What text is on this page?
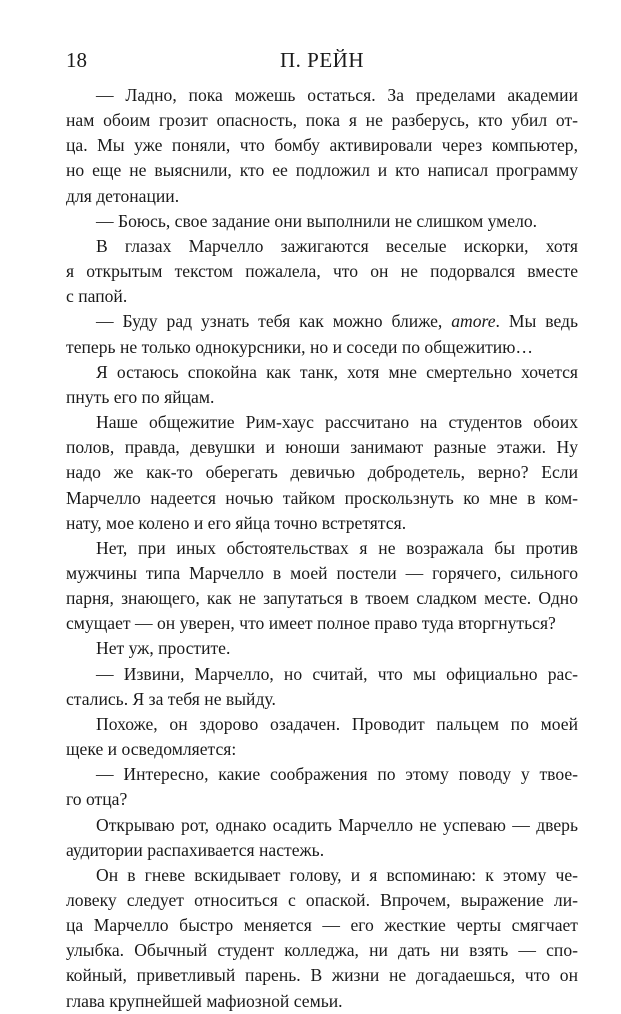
18	П. РЕЙН
— Ладно, пока можешь остаться. За пределами академии
нам обоим грозит опасность, пока я не разберусь, кто убил от-
ца. Мы уже поняли, что бомбу активировали через компьютер,
но еще не выяснили, кто ее подложил и кто написал программу
для детонации.
— Боюсь, свое задание они выполнили не слишком умело.
В глазах Марчелло зажигаются веселые искорки, хотя
я открытым текстом пожалела, что он не подорвался вместе
с папой.
— Буду рад узнать тебя как можно ближе, amore. Мы ведь
теперь не только однокурсники, но и соседи по общежитию…
Я остаюсь спокойна как танк, хотя мне смертельно хочется
пнуть его по яйцам.
Наше общежитие Рим-хаус рассчитано на студентов обоих
полов, правда, девушки и юноши занимают разные этажи. Ну
надо же как-то оберегать девичью добродетель, верно? Если
Марчелло надеется ночью тайком проскользнуть ко мне в ком-
нату, мое колено и его яйца точно встретятся.
Нет, при иных обстоятельствах я не возражала бы против
мужчины типа Марчелло в моей постели — горячего, сильного
парня, знающего, как не запутаться в твоем сладком месте. Одно
смущает — он уверен, что имеет полное право туда вторгнуться?
Нет уж, простите.
— Извини, Марчелло, но считай, что мы официально рас-
стались. Я за тебя не выйду.
Похоже, он здорово озадачен. Проводит пальцем по моей
щеке и осведомляется:
— Интересно, какие соображения по этому поводу у твое-
го отца?
Открываю рот, однако осадить Марчелло не успеваю — дверь
аудитории распахивается настежь.
Он в гневе вскидывает голову, и я вспоминаю: к этому че-
ловеку следует относиться с опаской. Впрочем, выражение ли-
ца Марчелло быстро меняется — его жесткие черты смягчает
улыбка. Обычный студент колледжа, ни дать ни взять — спо-
койный, приветливый парень. В жизни не догадаешься, что он
глава крупнейшей мафиозной семьи.
